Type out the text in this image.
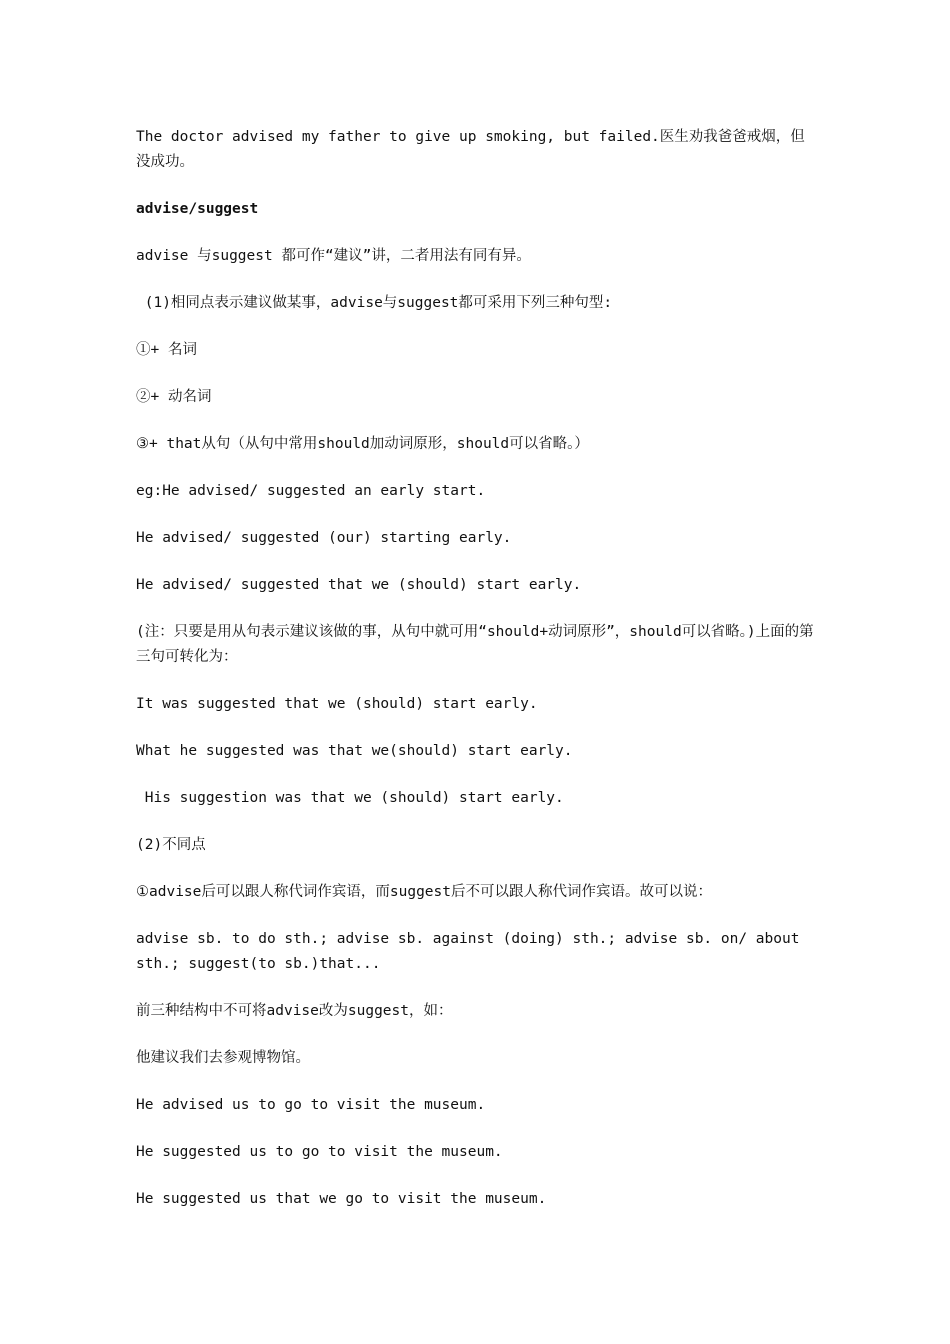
The doctor advised my father to give up smoking, but failed.医生劝我爸爸戒烟，但没成功。

advise/suggest

advise 与suggest 都可作“建议”讲，二者用法有同有异。

(1)相同点表示建议做某事，advise与suggest都可采用下列三种句型:

①+ 名词

②+ 动名词

③+ that从句（从句中常用should加动词原形，should可以省略。）

eg:He advised/ suggested an early start.

He advised/ suggested (our) starting early.

He advised/ suggested that we (should) start early.

(注：只要是用从句表示建议该做的事，从句中就可用“should+动词原形”，should可以省略。)上面的第三句可转化为：

It was suggested that we (should) start early.

What he suggested was that we(should) start early.

His suggestion was that we (should) start early.

(2)不同点

①advise后可以跟人称代词作宾语，而suggest后不可以跟人称代词作宾语。故可以说：

advise sb. to do sth.; advise sb. against (doing) sth.; advise sb. on/ about sth.; suggest(to sb.)that...

前三种结构中不可将advise改为suggest，如：

他建议我们去参观博物馆。

He advised us to go to visit the museum.

He suggested us to go to visit the museum.

He suggested us that we go to visit the museum.
